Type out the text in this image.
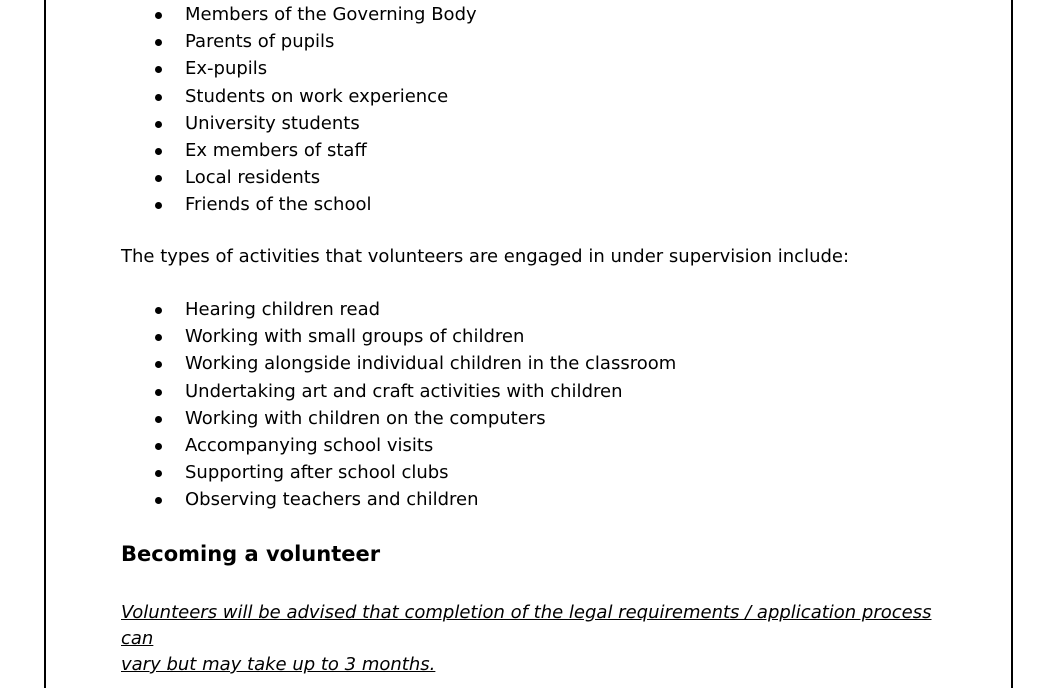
Members of the Governing Body
Parents of pupils
Ex-pupils
Students on work experience
University students
Ex members of staff
Local residents
Friends of the school

The types of activities that volunteers are engaged in under supervision include:

Hearing children read
Working with small groups of children
Working alongside individual children in the classroom
Undertaking art and craft activities with children
Working with children on the computers
Accompanying school visits
Supporting after school clubs
Observing teachers and children
Becoming a volunteer

Volunteers will be advised that completion of the legal requirements / application process can
vary but may take up to 3 months.
